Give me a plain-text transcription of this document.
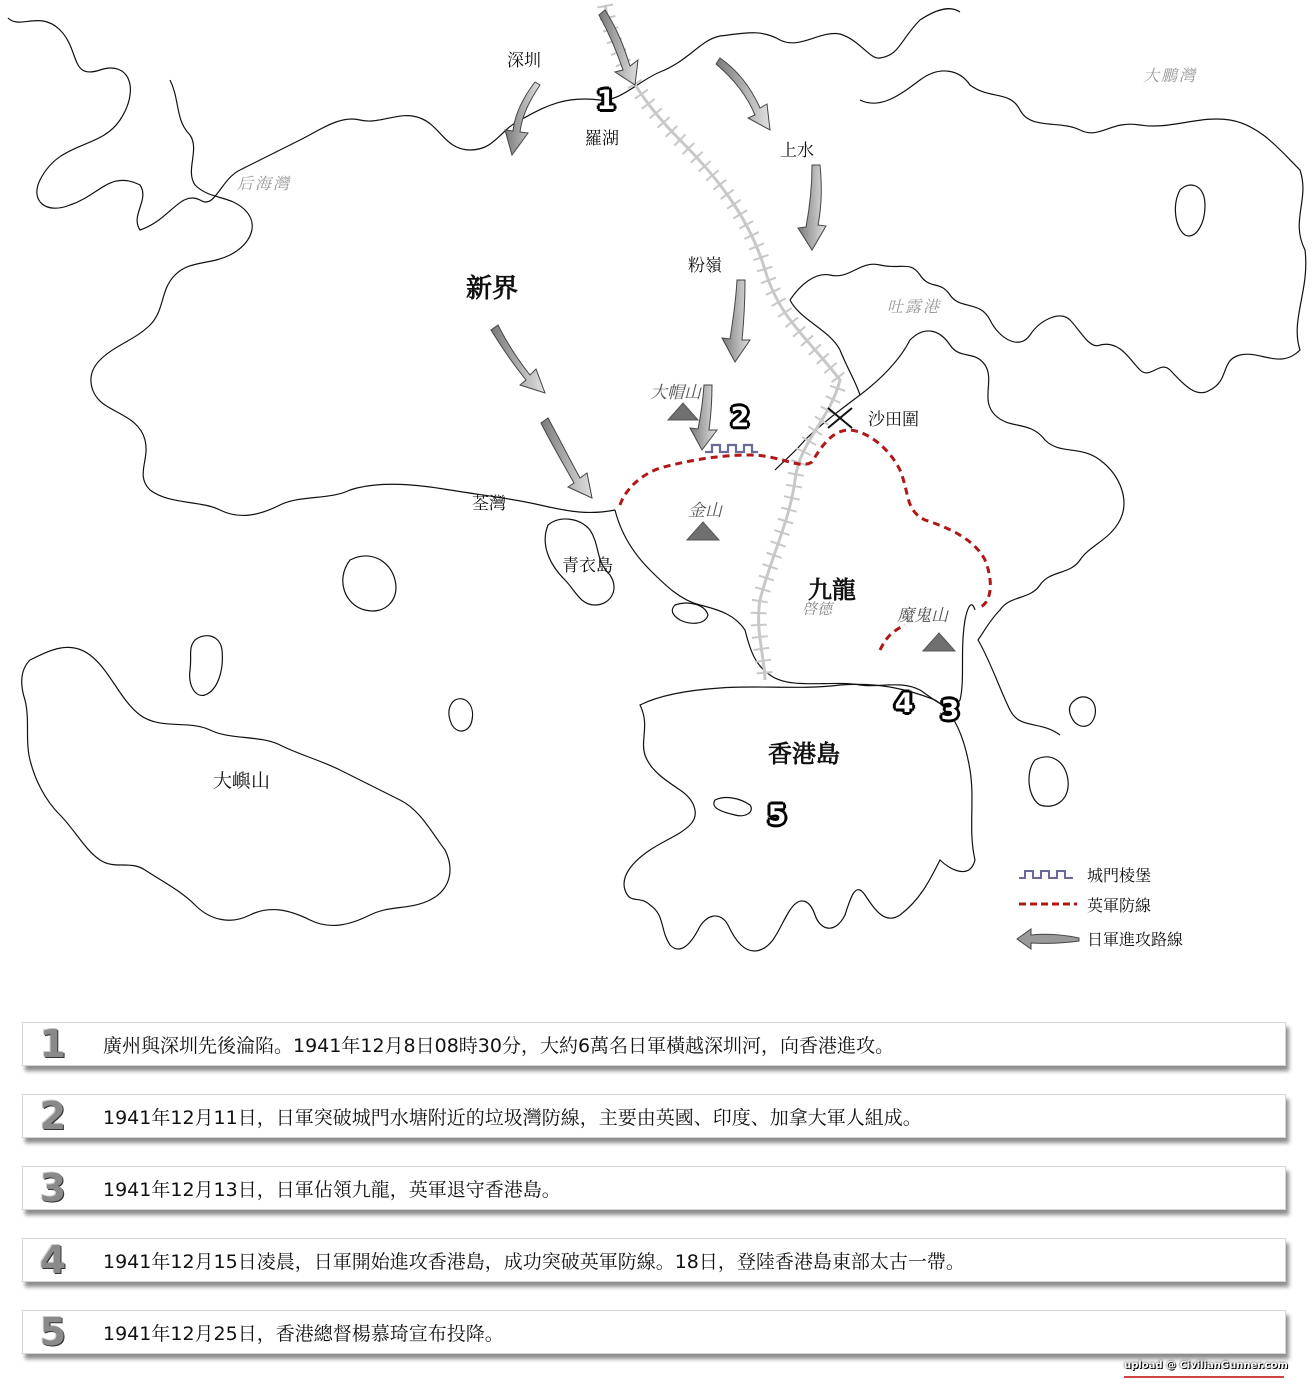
深圳
羅湖
上水
粉嶺
新界
沙田圍
荃灣
青衣島
九龍
香港島
大嶼山
后海灣
大鵬灣
吐露港
大帽山
金山
魔鬼山
啓德
1
2
3
4
5
城門棱堡
英軍防線
日軍進攻路線
1	廣州與深圳先後淪陷。1941年12月8日08時30分，大約6萬名日軍橫越深圳河，向香港進攻。
2	1941年12月11日，日軍突破城門水塘附近的垃圾灣防線，主要由英國、印度、加拿大軍人組成。
3	1941年12月13日，日軍佔領九龍，英軍退守香港島。
4	1941年12月15日凌晨，日軍開始進攻香港島，成功突破英軍防線。18日，登陸香港島東部太古一帶。
5	1941年12月25日，香港總督楊慕琦宣布投降。
upload @ CivilianGunner.com
